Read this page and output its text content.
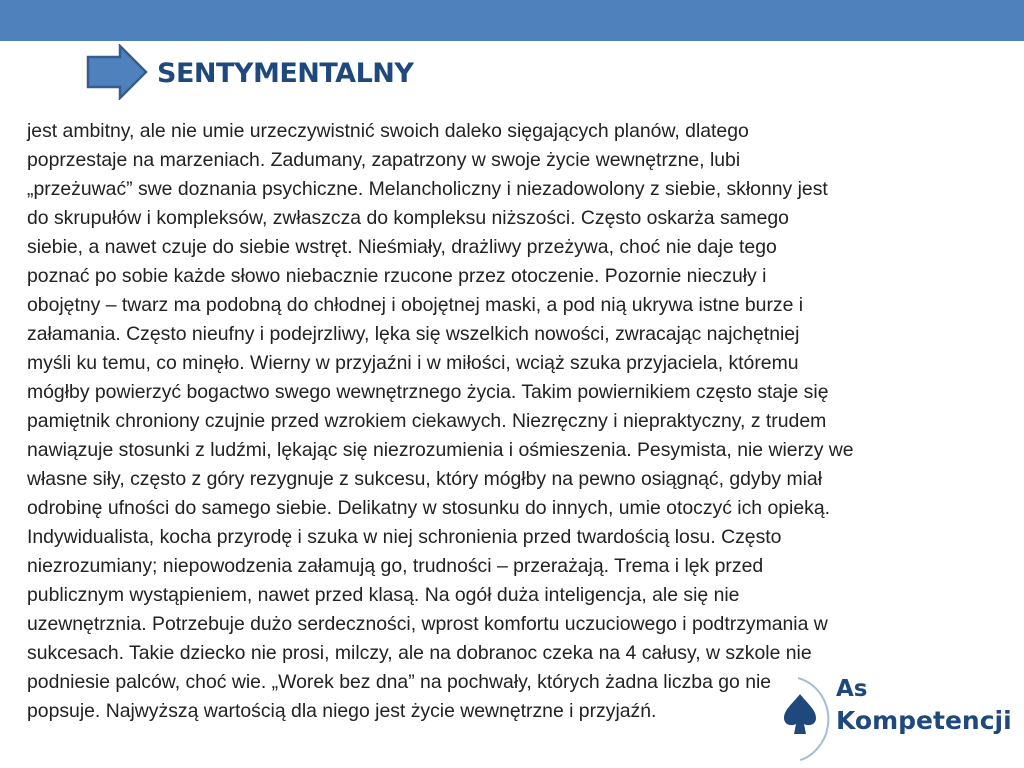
SENTYMENTALNY
As
Kompetencji
jest ambitny, ale nie umie urzeczywistnić swoich daleko sięgających planów, dlatego
poprzestaje na marzeniach. Zadumany, zapatrzony w swoje życie wewnętrzne, lubi
„przeżuwać” swe doznania psychiczne. Melancholiczny i niezadowolony z siebie, skłonny jest
do skrupułów i kompleksów, zwłaszcza do kompleksu niższości. Często oskarża samego
siebie, a nawet czuje do siebie wstręt. Nieśmiały, drażliwy przeżywa, choć nie daje tego
poznać po sobie każde słowo niebacznie rzucone przez otoczenie. Pozornie nieczuły i
obojętny – twarz ma podobną do chłodnej i obojętnej maski, a pod nią ukrywa istne burze i
załamania. Często nieufny i podejrzliwy, lęka się wszelkich nowości, zwracając najchętniej
myśli ku temu, co minęło. Wierny w przyjaźni i w miłości, wciąż szuka przyjaciela, któremu
mógłby powierzyć bogactwo swego wewnętrznego życia. Takim powiernikiem często staje się
pamiętnik chroniony czujnie przed wzrokiem ciekawych. Niezręczny i niepraktyczny, z trudem
nawiązuje stosunki z ludźmi, lękając się niezrozumienia i ośmieszenia. Pesymista, nie wierzy we
własne siły, często z góry rezygnuje z sukcesu, który mógłby na pewno osiągnąć, gdyby miał
odrobinę ufności do samego siebie. Delikatny w stosunku do innych, umie otoczyć ich opieką.
Indywidualista, kocha przyrodę i szuka w niej schronienia przed twardością losu. Często
niezrozumiany; niepowodzenia załamują go, trudności – przerażają. Trema i lęk przed
publicznym wystąpieniem, nawet przed klasą. Na ogół duża inteligencja, ale się nie
uzewnętrznia. Potrzebuje dużo serdeczności, wprost komfortu uczuciowego i podtrzymania w
sukcesach. Takie dziecko nie prosi, milczy, ale na dobranoc czeka na 4 całusy, w szkole nie
podniesie palców, choć wie. „Worek bez dna” na pochwały, których żadna liczba go nie
popsuje. Najwyższą wartością dla niego jest życie wewnętrzne i przyjaźń.
